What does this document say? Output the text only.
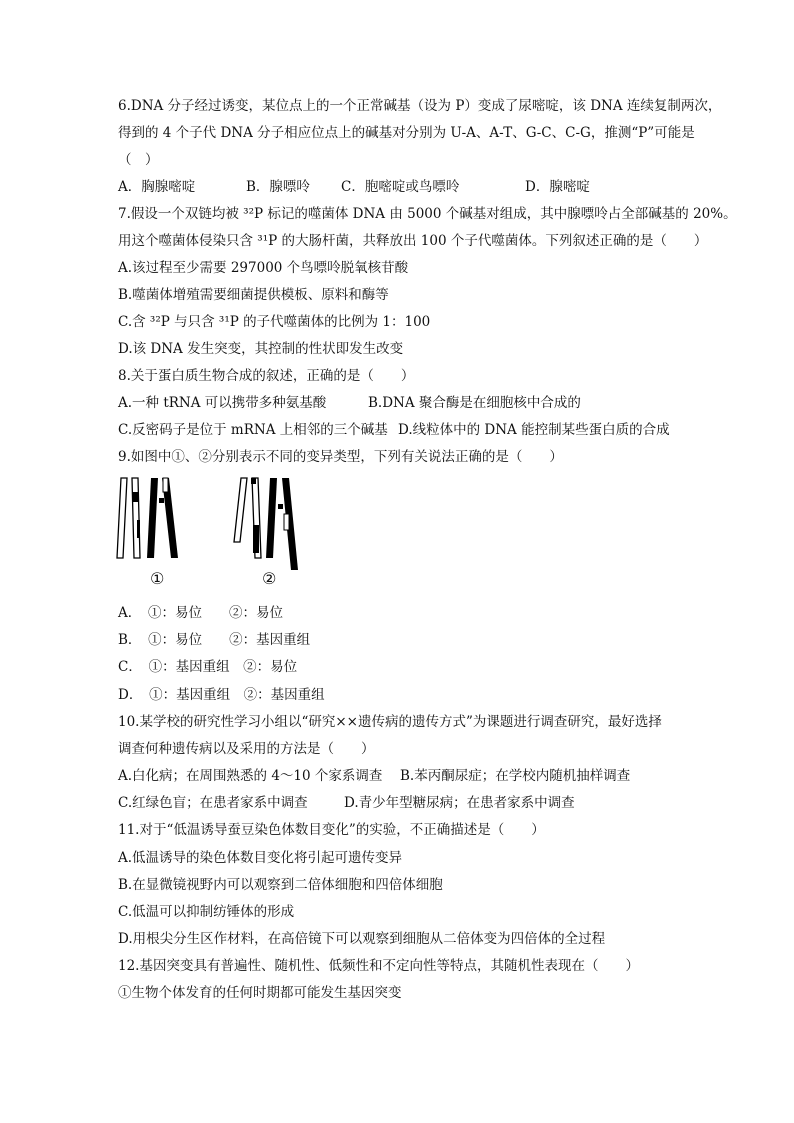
6.DNA 分子经过诱变，某位点上的一个正常碱基（设为 P）变成了尿嘧啶，该 DNA 连续复制两次，
得到的 4 个子代 DNA 分子相应位点上的碱基对分别为 U-A、A-T、G-C、C-G，推测“P”可能是
（　）
A．胸腺嘧啶	B．腺嘌呤	C．胞嘧啶或鸟嘌呤	D．腺嘧啶
7.假设一个双链均被 ³²P 标记的噬菌体 DNA 由 5000 个碱基对组成，其中腺嘌呤占全部碱基的 20%。
用这个噬菌体侵染只含 ³¹P 的大肠杆菌，共释放出 100 个子代噬菌体。下列叙述正确的是（　　）
A.该过程至少需要 297000 个鸟嘌呤脱氧核苷酸
B.噬菌体增殖需要细菌提供模板、原料和酶等
C.含 ³²P 与只含 ³¹P 的子代噬菌体的比例为 1：100
D.该 DNA 发生突变，其控制的性状即发生改变
8.关于蛋白质生物合成的叙述，正确的是（　　）
A.一种 tRNA 可以携带多种氨基酸	B.DNA 聚合酶是在细胞核中合成的
C.反密码子是位于 mRNA 上相邻的三个碱基 D.线粒体中的 DNA 能控制某些蛋白质的合成
9.如图中①、②分别表示不同的变异类型，下列有关说法正确的是（　　）
①	②
A．　①：易位　　②：易位
B．　①：易位　　②：基因重组
C．　①：基因重组　②：易位
D．　①：基因重组　②：基因重组
10.某学校的研究性学习小组以“研究××遗传病的遗传方式”为课题进行调查研究，最好选择
调查何种遗传病以及采用的方法是（　　）
A.白化病；在周围熟悉的 4～10 个家系调查	B.苯丙酮尿症；在学校内随机抽样调查
C.红绿色盲；在患者家系中调查	D.青少年型糖尿病；在患者家系中调查
11.对于“低温诱导蚕豆染色体数目变化”的实验，不正确描述是（　　）
A.低温诱导的染色体数目变化将引起可遗传变异
B.在显微镜视野内可以观察到二倍体细胞和四倍体细胞
C.低温可以抑制纺锤体的形成
D.用根尖分生区作材料，在高倍镜下可以观察到细胞从二倍体变为四倍体的全过程
12.基因突变具有普遍性、随机性、低频性和不定向性等特点，其随机性表现在（　　）
①生物个体发育的任何时期都可能发生基因突变
